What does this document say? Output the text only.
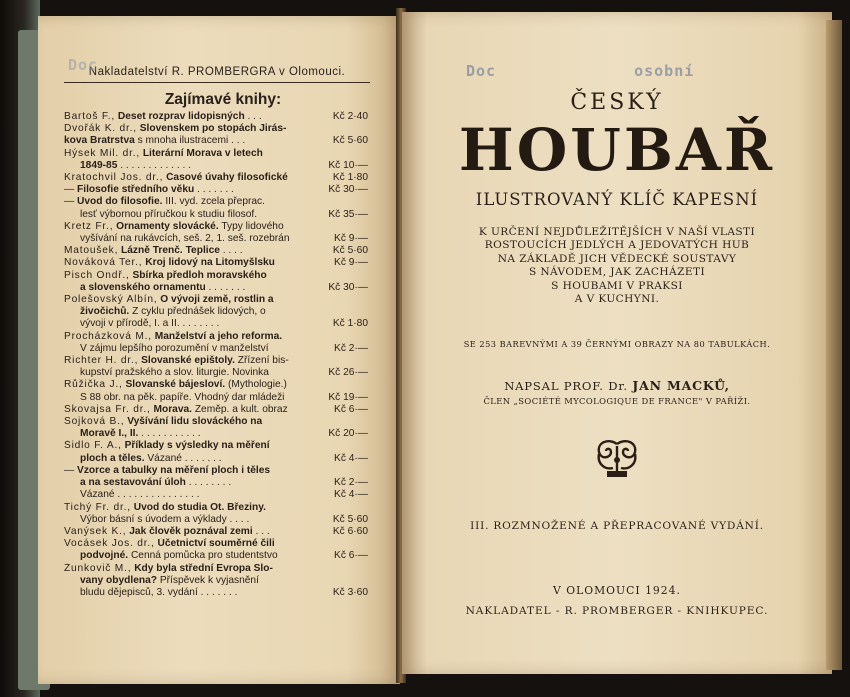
Nakladatelství R. PROMBERGRA v Olomouci.
Zajímavé knihy:
Bartoš F., Deset rozprav lidopisných . . .	Kč 2·40
Dvořák K. dr., Slovenskem po stopách Jirás-
kova Bratrstva s mnoha ilustracemi . . .	Kč 5·60
Hýsek Mil. dr., Literární Morava v letech
1849-85 . . . . . . . . . . . . .	Kč 10·—
Kratochvil Jos. dr., Časové úvahy filosofické	Kč 1·80
— Filosofie středního věku . . . . . . .	Kč 30·—
— Úvod do filosofie. III. vyd. zcela přeprac.
lesť výbornou příručkou k studiu filosof.	Kč 35·—
Kretz Fr., Ornamenty slovácké. Typy lidového
vyšívání na rukávcích, seš. 2, 1. seš. rozebrán	Kč 9·—
Matoušek, Lázně Trenč. Teplice . . . .	Kč 5·60
Nováková Ter., Kroj lidový na Litomyšlsku	Kč 9·—
Pisch Ondř., Sbírka předloh moravského
a slovenského ornamentu . . . . . . .	Kč 30·—
Polešovský Albín, O vývoji země, rostlin a
živočichů. Z cyklu přednášek lidových, o
vývoji v přírodě, I. a II. . . . . . . .	Kč 1·80
Procházková M., Manželství a jeho reforma.
V zájmu lepšího porozumění v manželství	Kč 2·—
Richter H. dr., Slovanské epištoly. Zřízení bis-
kupství pražského a slov. liturgie. Novinka	Kč 26·—
Růžička J., Slovanské bájesloví. (Mythologie.)
S 88 obr. na pěk. papíře. Vhodný dar mládeži	Kč 19·—
Skovajsa Fr. dr., Morava. Zeměp. a kult. obraz	Kč 6·—
Sojková B., Vyšívání lidu slováckého na
Moravě I., II. . . . . . . . . . . .	Kč 20·—
Šidlo F. A., Příklady s výsledky na měření
ploch a těles. Vázané . . . . . . .	Kč 4·—
— Vzorce a tabulky na měření ploch i těles
a na sestavování úloh . . . . . . . .	Kč 2·—
Vázané . . . . . . . . . . . . . . .	Kč 4·—
Tichý Fr. dr., Úvod do studia Ot. Březiny.
Výbor básní s úvodem a výklady . . . .	Kč 5·60
Vanýsek K., Jak člověk poznával zemi . . .	Kč 6·60
Vocásek Jos. dr., Účetnictví souměrné čili
podvojné. Cenná pomůcka pro studentstvo	Kč 6·—
Žunkovič M., Kdy byla střední Evropa Slo-
vany obydlena? Příspěvek k vyjasnění
bludu dějepisců, 3. vydání . . . . . . .	Kč 3·60
Doc	Doc	osobní
ČESKÝ
HOUBAŘ
ILUSTROVANÝ KLÍČ KAPESNÍ
K URČENÍ NEJDŮLEŽITĚJŠÍCH V NAŠÍ VLASTI
ROSTOUCÍCH JEDLÝCH A JEDOVATÝCH HUB
NA ZÁKLADĚ JICH VĚDECKÉ SOUSTAVY
S NÁVODEM, JAK ZACHÁZETI
S HOUBAMI V PRAKSI
A V KUCHYNI.
SE 253 BAREVNÝMI A 39 ČERNÝMI OBRAZY NA 80 TABULKÁCH.
NAPSAL PROF. Dr. JAN MACKŮ,
ČLEN „SOCIÉTÉ MYCOLOGIQUE DE FRANCE" V PAŘÍŽI.
III. ROZMNOŽENÉ A PŘEPRACOVANÉ VYDÁNÍ.
V OLOMOUCI 1924.
NAKLADATEL - R. PROMBERGER - KNIHKUPEC.
